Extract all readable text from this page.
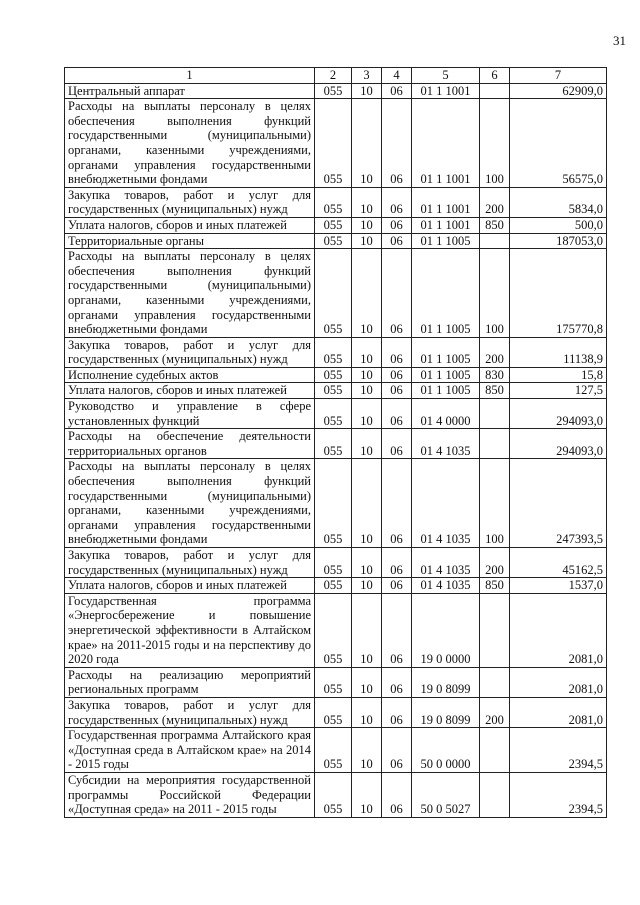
31
1	2	3	4	5	6	7
Центральный аппарат	055	10	06	01 1 1001		62909,0
Расходы на выплаты персоналу в целях обеспечения выполнения функций государственными (муниципальными) органами, казенными учреждениями, органами управления государственными внебюджетными фондами	055	10	06	01 1 1001	100	56575,0
Закупка товаров, работ и услуг для государственных (муниципальных) нужд	055	10	06	01 1 1001	200	5834,0
Уплата налогов, сборов и иных платежей	055	10	06	01 1 1001	850	500,0
Территориальные органы	055	10	06	01 1 1005		187053,0
Расходы на выплаты персоналу в целях обеспечения выполнения функций государственными (муниципальными) органами, казенными учреждениями, органами управления государственными внебюджетными фондами	055	10	06	01 1 1005	100	175770,8
Закупка товаров, работ и услуг для государственных (муниципальных) нужд	055	10	06	01 1 1005	200	11138,9
Исполнение судебных актов	055	10	06	01 1 1005	830	15,8
Уплата налогов, сборов и иных платежей	055	10	06	01 1 1005	850	127,5
Руководство и управление в сфере установленных функций	055	10	06	01 4 0000		294093,0
Расходы на обеспечение деятельности территориальных органов	055	10	06	01 4 1035		294093,0
Расходы на выплаты персоналу в целях обеспечения выполнения функций государственными (муниципальными) органами, казенными учреждениями, органами управления государственными внебюджетными фондами	055	10	06	01 4 1035	100	247393,5
Закупка товаров, работ и услуг для государственных (муниципальных) нужд	055	10	06	01 4 1035	200	45162,5
Уплата налогов, сборов и иных платежей	055	10	06	01 4 1035	850	1537,0
Государственная программа «Энергосбережение и повышение энергетической эффективности в Алтайском крае» на 2011-2015 годы и на перспективу до 2020 года	055	10	06	19 0 0000		2081,0
Расходы на реализацию мероприятий региональных программ	055	10	06	19 0 8099		2081,0
Закупка товаров, работ и услуг для государственных (муниципальных) нужд	055	10	06	19 0 8099	200	2081,0
Государственная программа Алтайского края «Доступная среда в Алтайском крае» на 2014 - 2015 годы	055	10	06	50 0 0000		2394,5
Субсидии на мероприятия государственной программы Российской Федерации «Доступная среда» на 2011 - 2015 годы	055	10	06	50 0 5027		2394,5
